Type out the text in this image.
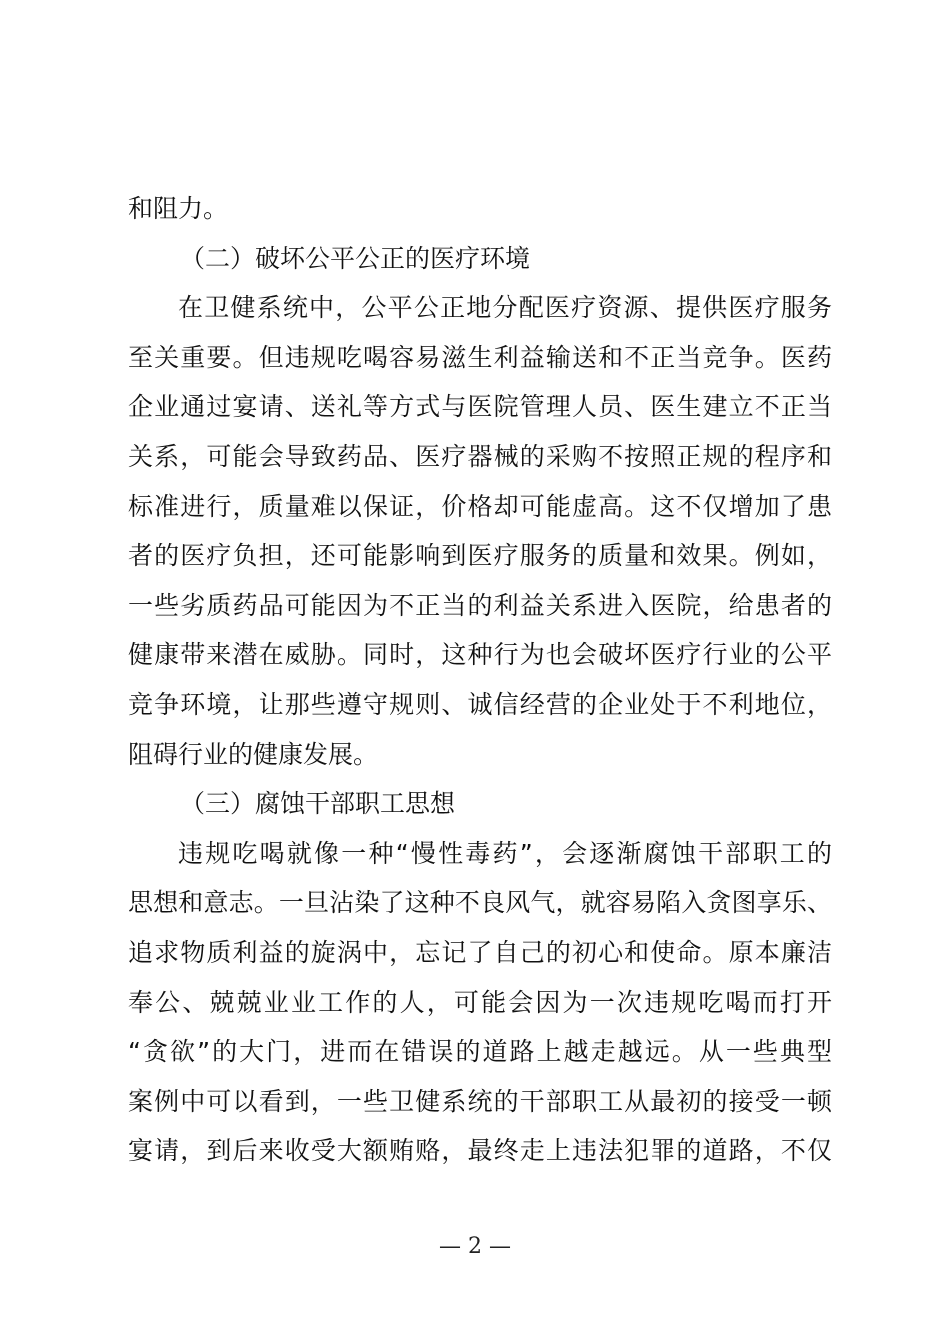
和阻力。
（二）破坏公平公正的医疗环境
在卫健系统中，公平公正地分配医疗资源、提供医疗服务
至关重要。但违规吃喝容易滋生利益输送和不正当竞争。医药
企业通过宴请、送礼等方式与医院管理人员、医生建立不正当
关系，可能会导致药品、医疗器械的采购不按照正规的程序和
标准进行，质量难以保证，价格却可能虚高。这不仅增加了患
者的医疗负担，还可能影响到医疗服务的质量和效果。例如，
一些劣质药品可能因为不正当的利益关系进入医院，给患者的
健康带来潜在威胁。同时，这种行为也会破坏医疗行业的公平
竞争环境，让那些遵守规则、诚信经营的企业处于不利地位，
阻碍行业的健康发展。
（三）腐蚀干部职工思想
违规吃喝就像一种“慢性毒药”，会逐渐腐蚀干部职工的
思想和意志。一旦沾染了这种不良风气，就容易陷入贪图享乐、
追求物质利益的旋涡中，忘记了自己的初心和使命。原本廉洁
奉公、兢兢业业工作的人，可能会因为一次违规吃喝而打开
“贪欲”的大门，进而在错误的道路上越走越远。从一些典型
案例中可以看到，一些卫健系统的干部职工从最初的接受一顿
宴请，到后来收受大额贿赂，最终走上违法犯罪的道路，不仅
— 2 —
